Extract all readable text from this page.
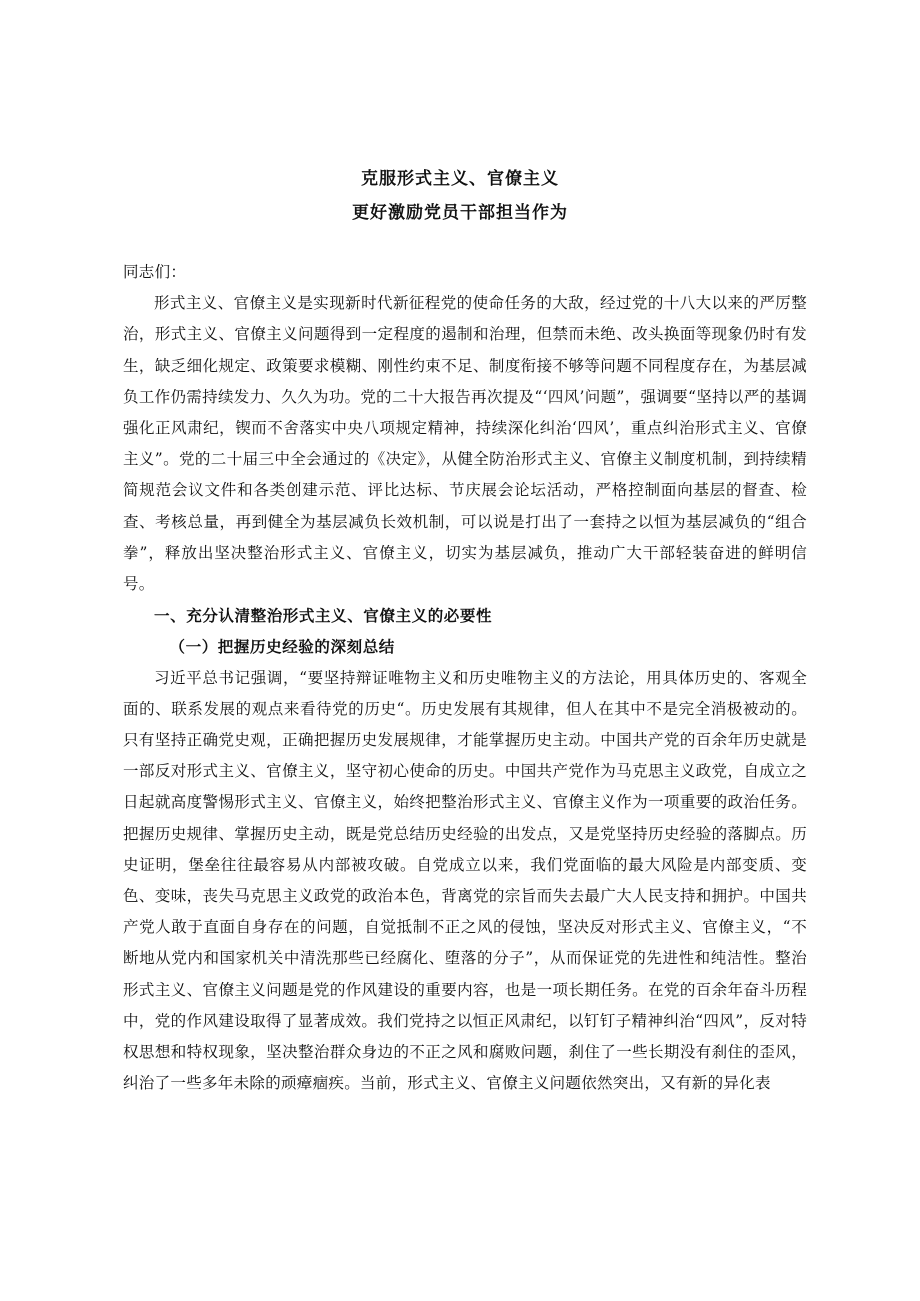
克服形式主义、官僚主义
更好激励党员干部担当作为

同志们：

形式主义、官僚主义是实现新时代新征程党的使命任务的大敌，经过党的十八大以来的严厉整治，形式主义、官僚主义问题得到一定程度的遏制和治理，但禁而未绝、改头换面等现象仍时有发生，缺乏细化规定、政策要求模糊、刚性约束不足、制度衔接不够等问题不同程度存在，为基层减负工作仍需持续发力、久久为功。党的二十大报告再次提及“‘四风’问题”，强调要“坚持以严的基调强化正风肃纪，锲而不舍落实中央八项规定精神，持续深化纠治‘四风’，重点纠治形式主义、官僚主义”。党的二十届三中全会通过的《决定》，从健全防治形式主义、官僚主义制度机制，到持续精简规范会议文件和各类创建示范、评比达标、节庆展会论坛活动，严格控制面向基层的督查、检查、考核总量，再到健全为基层减负长效机制，可以说是打出了一套持之以恒为基层减负的“组合拳”，释放出坚决整治形式主义、官僚主义，切实为基层减负，推动广大干部轻装奋进的鲜明信号。

一、充分认清整治形式主义、官僚主义的必要性

（一）把握历史经验的深刻总结

习近平总书记强调，“要坚持辩证唯物主义和历史唯物主义的方法论，用具体历史的、客观全面的、联系发展的观点来看待党的历史“。历史发展有其规律，但人在其中不是完全消极被动的。只有坚持正确党史观，正确把握历史发展规律，才能掌握历史主动。中国共产党的百余年历史就是一部反对形式主义、官僚主义，坚守初心使命的历史。中国共产党作为马克思主义政党，自成立之日起就高度警惕形式主义、官僚主义，始终把整治形式主义、官僚主义作为一项重要的政治任务。把握历史规律、掌握历史主动，既是党总结历史经验的出发点，又是党坚持历史经验的落脚点。历史证明，堡垒往往最容易从内部被攻破。自党成立以来，我们党面临的最大风险是内部变质、变色、变味，丧失马克思主义政党的政治本色，背离党的宗旨而失去最广大人民支持和拥护。中国共产党人敢于直面自身存在的问题，自觉抵制不正之风的侵蚀，坚决反对形式主义、官僚主义，“不断地从党内和国家机关中清洗那些已经腐化、堕落的分子”，从而保证党的先进性和纯洁性。整治形式主义、官僚主义问题是党的作风建设的重要内容，也是一项长期任务。在党的百余年奋斗历程中，党的作风建设取得了显著成效。我们党持之以恒正风肃纪，以钉钉子精神纠治“四风”，反对特权思想和特权现象，坚决整治群众身边的不正之风和腐败问题，刹住了一些长期没有刹住的歪风，纠治了一些多年未除的顽瘴痼疾。当前，形式主义、官僚主义问题依然突出，又有新的异化表
